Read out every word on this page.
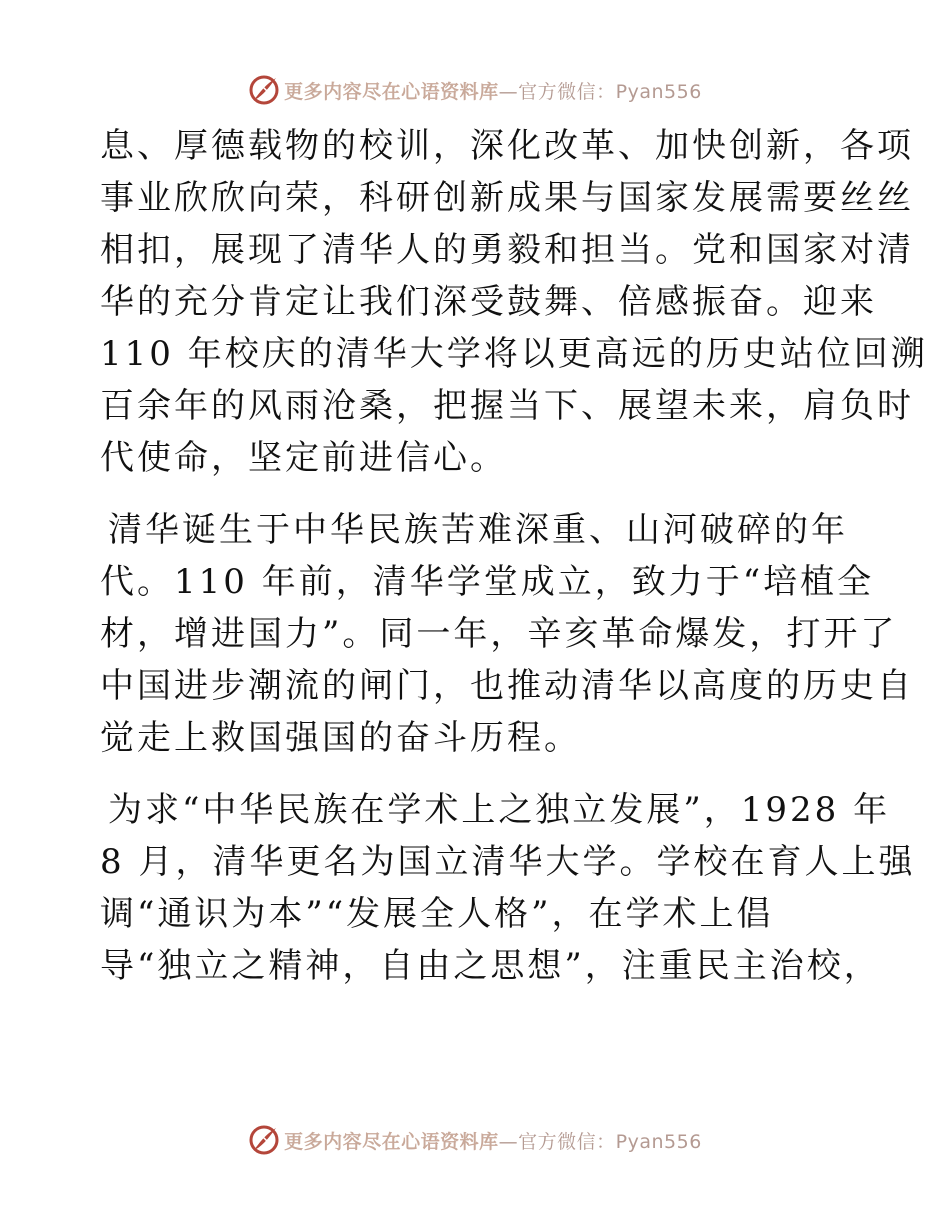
更多内容尽在心语资料库 —官方微信：Pyan556
息、厚德载物的校训，深化改革、加快创新，各项
事业欣欣向荣，科研创新成果与国家发展需要丝丝
相扣，展现了清华人的勇毅和担当。党和国家对清
华的充分肯定让我们深受鼓舞、倍感振奋。迎来
110 年校庆的清华大学将以更高远的历史站位回溯
百余年的风雨沧桑，把握当下、展望未来，肩负时
代使命，坚定前进信心。
清华诞生于中华民族苦难深重、山河破碎的年
代。110 年前，清华学堂成立，致力于“培植全
材，增进国力”。同一年，辛亥革命爆发，打开了
中国进步潮流的闸门，也推动清华以高度的历史自
觉走上救国强国的奋斗历程。
为求“中华民族在学术上之独立发展”，1928 年
8 月，清华更名为国立清华大学。学校在育人上强
调“通识为本”“发展全人格”，在学术上倡
导“独立之精神，自由之思想”，注重民主治校，
更多内容尽在心语资料库 —官方微信：Pyan556
